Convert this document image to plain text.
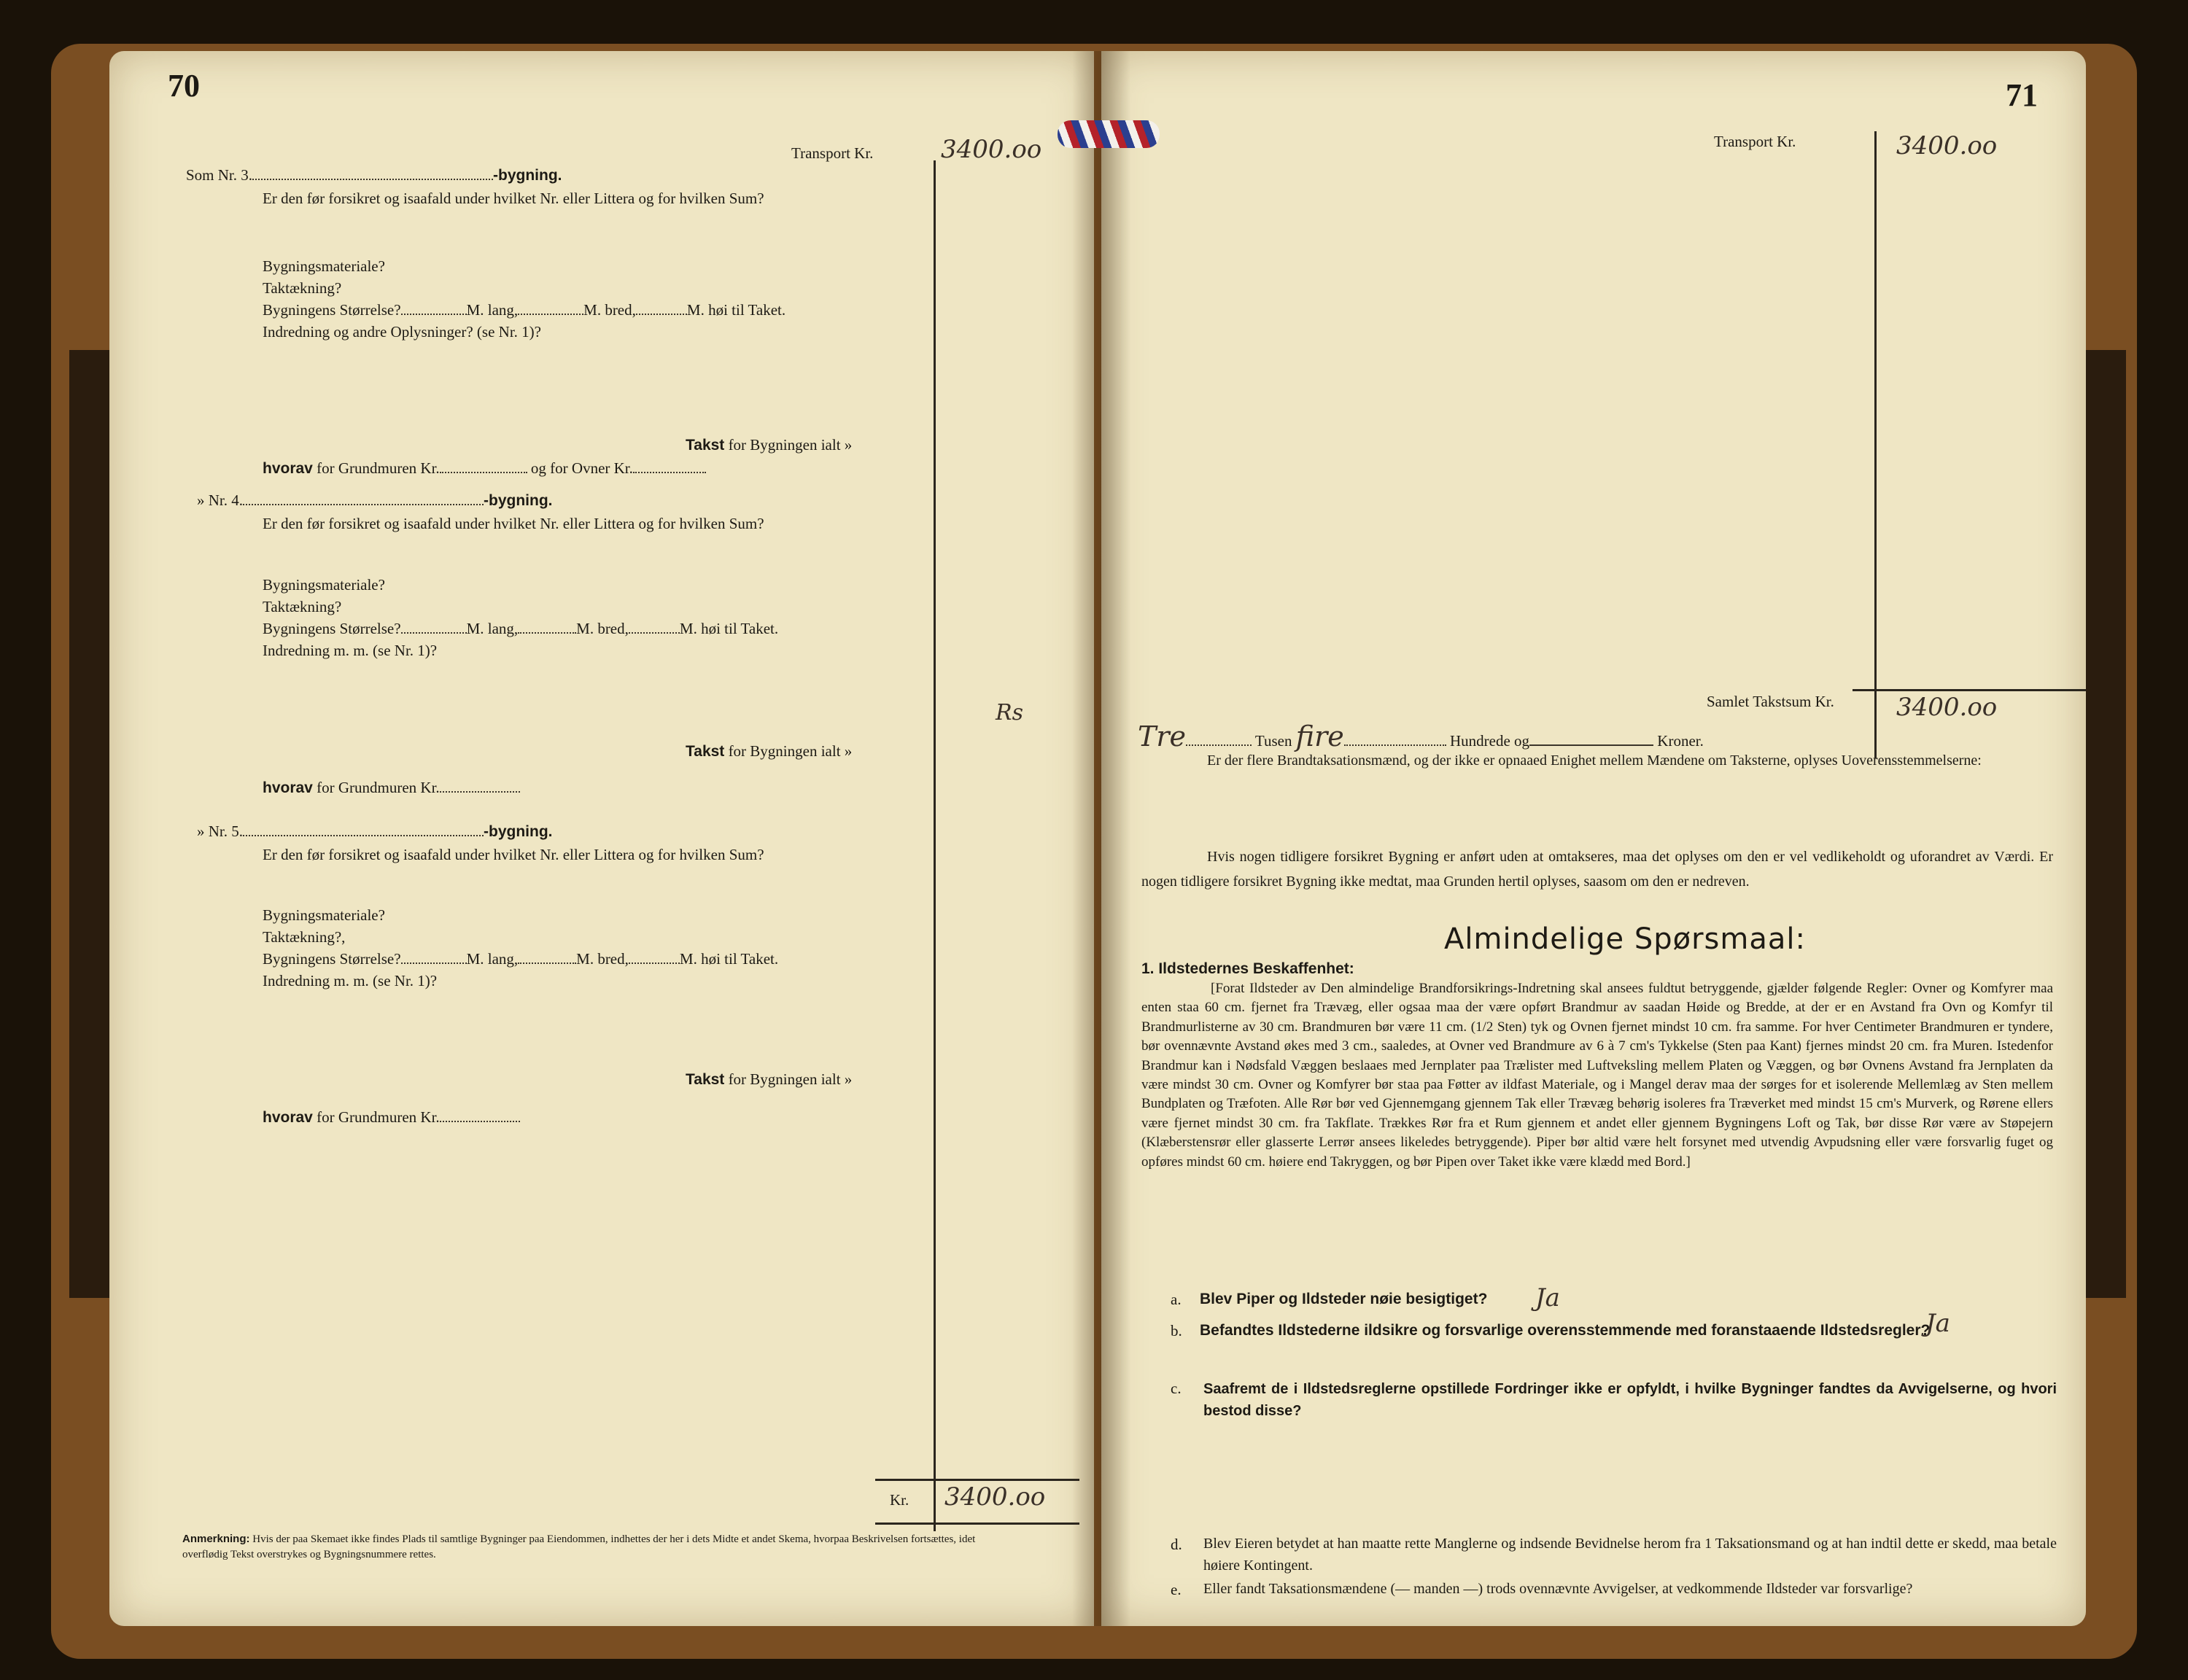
70
Transport Kr.	3400.oo
Som Nr. 3.	-bygning.
Er den før forsikret og isaafald under hvilket Nr. eller Littera og for hvilken Sum?
Bygningsmateriale?
Taktækning?
Bygningens Størrelse?	M. lang,	M. bred,	M. høi til Taket.
Indredning og andre Oplysninger? (se Nr. 1)?
Takst for Bygningen ialt »
hvorav for Grundmuren Kr.	og for Ovner Kr.
» Nr. 4.	-bygning.
Er den før forsikret og isaafald under hvilket Nr. eller Littera og for hvilken Sum?
Bygningsmateriale?
Taktækning?
Bygningens Størrelse?	M. lang,	M. bred,	M. høi til Taket.
Indredning m. m. (se Nr. 1)?
Rs
Takst for Bygningen ialt »
hvorav for Grundmuren Kr.
» Nr. 5.	-bygning.
Er den før forsikret og isaafald under hvilket Nr. eller Littera og for hvilken Sum?
Bygningsmateriale?
Taktækning?,
Bygningens Størrelse?	M. lang,	M. bred,	M. høi til Taket.
Indredning m. m. (se Nr. 1)?
Takst for Bygningen ialt »
hvorav for Grundmuren Kr.
Kr. 3400.oo
Anmerkning: Hvis der paa Skemaet ikke findes Plads til samtlige Bygninger paa Eiendommen, indhettes der her i dets Midte et andet Skema, hvorpaa Beskrivelsen fortsættes, idet overflødig Tekst overstrykes og Bygningsnummere rettes.
71
Transport Kr.	3400.oo
Samlet Takstsum Kr.	3400.oo
Tre	Tusen fire	Hundrede og	Kroner.
Er der flere Brandtaksationsmænd, og der ikke er opnaaed Enighet mellem Mændene om Taksterne, oplyses Uoverensstemmelserne:
Hvis nogen tidligere forsikret Bygning er anført uden at omtakseres, maa det oplyses om den er vel vedlikeholdt og uforandret av Værdi. Er nogen tidligere forsikret Bygning ikke medtat, maa Grunden hertil oplyses, saasom om den er nedreven.
Almindelige Spørsmaal:
1. Ildstedernes Beskaffenhet:
[Forat Ildsteder av Den almindelige Brandforsikrings-Indretning skal ansees fuldtut betryggende, gjælder følgende Regler: Ovner og Komfyrer maa enten staa 60 cm. fjernet fra Trævæg, eller ogsaa maa der være opført Brandmur av saadan Høide og Bredde, at der er en Avstand fra Ovn og Komfyr til Brandmurlisterne av 30 cm. Brandmuren bør være 11 cm. (1/2 Sten) tyk og Ovnen fjernet mindst 10 cm. fra samme. For hver Centimeter Brandmuren er tyndere, bør ovennævnte Avstand økes med 3 cm., saaledes, at Ovner ved Brandmure av 6 à 7 cm's Tykkelse (Sten paa Kant) fjernes mindst 20 cm. fra Muren. Istedenfor Brandmur kan i Nødsfald Væggen beslaaes med Jernplater paa Trælister med Luftveksling mellem Platen og Væggen, og bør Ovnens Avstand fra Jernplaten da være mindst 30 cm. Ovner og Komfyrer bør staa paa Føtter av ildfast Materiale, og i Mangel derav maa der sørges for et isolerende Mellemlæg av Sten mellem Bundplaten og Træfoten. Alle Rør bør ved Gjennemgang gjennem Tak eller Trævæg behørig isoleres fra Træverket med mindst 15 cm's Murverk, og Rørene ellers være fjernet mindst 30 cm. fra Takflate. Trækkes Rør fra et Rum gjennem et andet eller gjennem Bygningens Loft og Tak, bør disse Rør være av Støpejern (Klæberstensrør eller glasserte Lerrør ansees likeledes betryggende). Piper bør altid være helt forsynet med utvendig Avpudsning eller være forsvarlig fuget og opføres mindst 60 cm. høiere end Takryggen, og bør Pipen over Taket ikke være klædd med Bord.]
a. Blev Piper og Ildsteder nøie besigtiget? Ja
b. Befandtes Ildstederne ildsikre og forsvarlige overensstemmende med foranstaaende Ildstedsregler?
Ja
c. Saafremt de i Ildstedsreglerne opstillede Fordringer ikke er opfyldt, i hvilke Bygninger fandtes da Avvigelserne, og hvori bestod disse?
d. Blev Eieren betydet at han maatte rette Manglerne og indsende Bevidnelse herom fra 1 Taksationsmand og at han indtil dette er skedd, maa betale høiere Kontingent.
e. Eller fandt Taksationsmændene (— manden —) trods ovennævnte Avvigelser, at vedkommende Ildsteder var forsvarlige?
